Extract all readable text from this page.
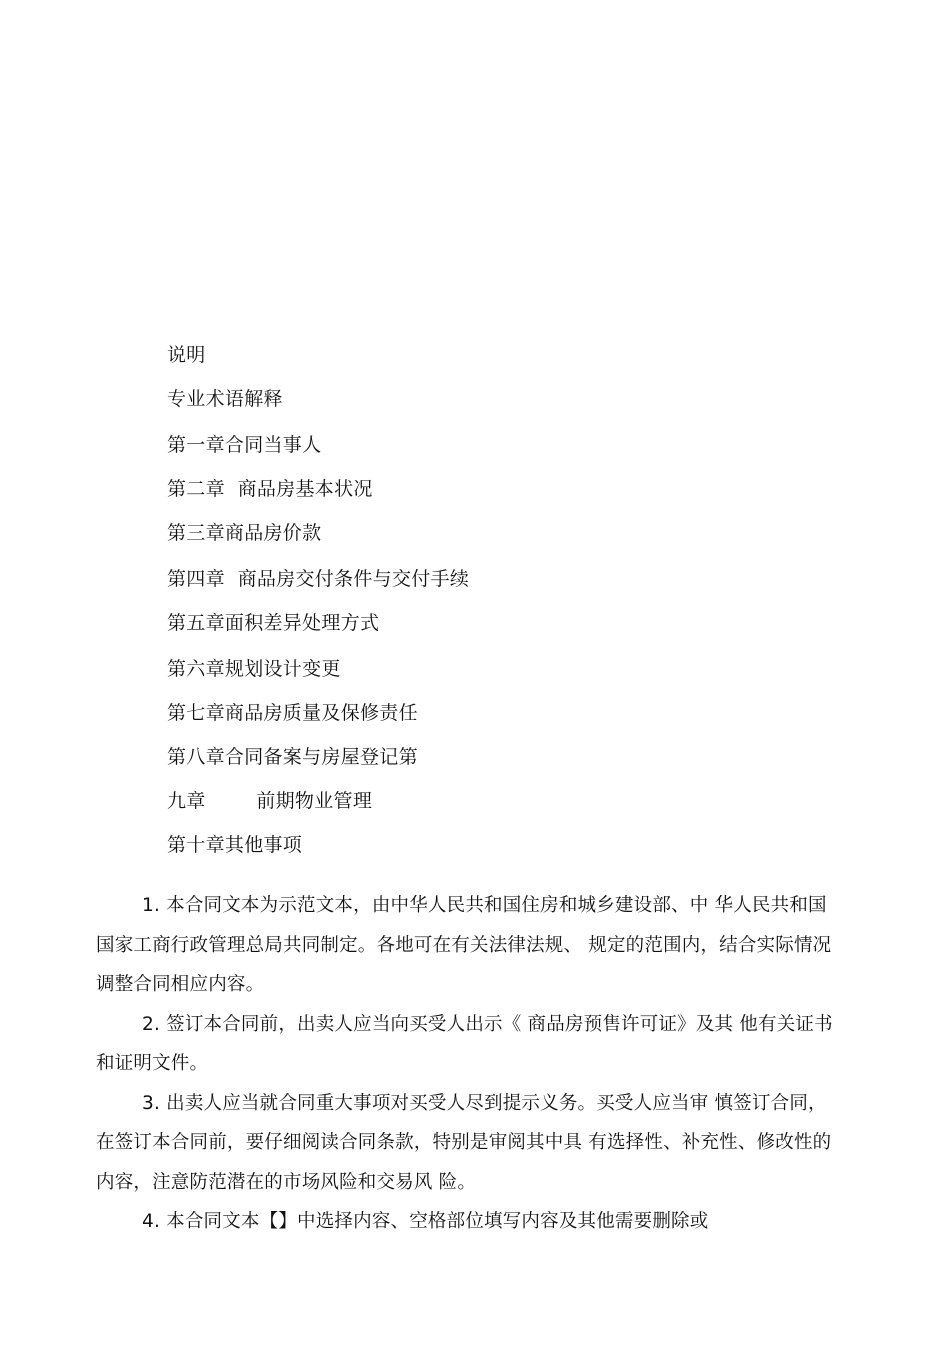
说明
专业术语解释
第一章合同当事人
第二章  商品房基本状况
第三章商品房价款
第四章  商品房交付条件与交付手续
第五章面积差异处理方式
第六章规划设计变更
第七章商品房质量及保修责任
第八章合同备案与房屋登记第
九章        前期物业管理
第十章其他事项

1. 本合同文本为示范文本，由中华人民共和国住房和城乡建设部、中 华人民共和国国家工商行政管理总局共同制定。各地可在有关法律法规、 规定的范围内，结合实际情况调整合同相应内容。

2. 签订本合同前，出卖人应当向买受人出示《 商品房预售许可证》及其 他有关证书和证明文件。

3. 出卖人应当就合同重大事项对买受人尽到提示义务。买受人应当审 慎签订合同，在签订本合同前，要仔细阅读合同条款，特别是审阅其中具 有选择性、补充性、修改性的内容，注意防范潜在的市场风险和交易风 险。

4. 本合同文本【】中选择内容、空格部位填写内容及其他需要删除或
